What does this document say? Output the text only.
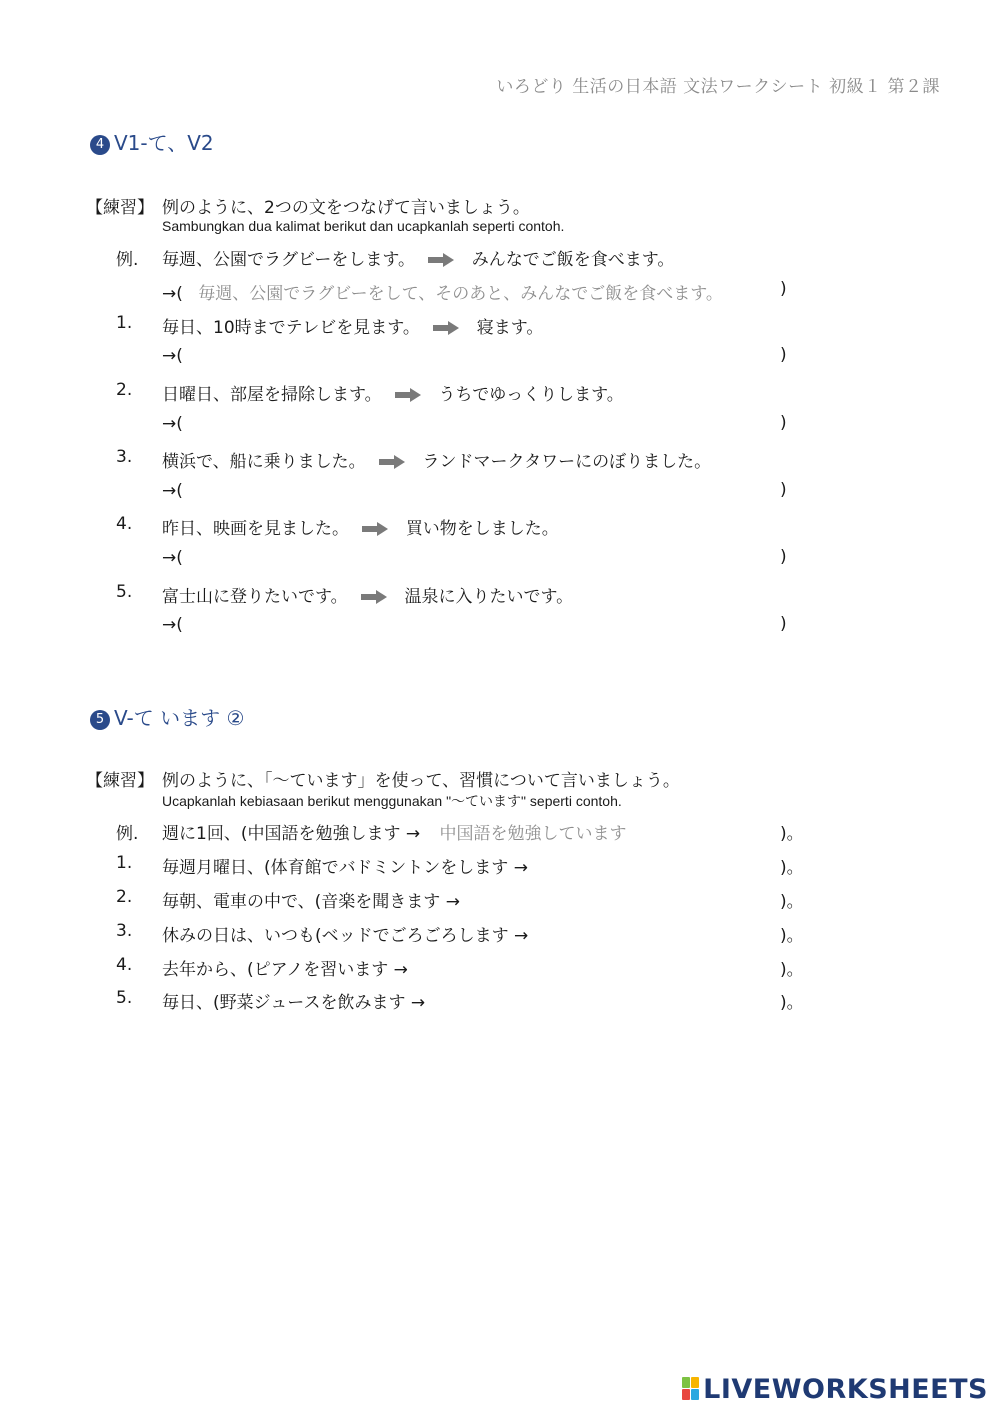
いろどり 生活の日本語 文法ワークシート 初級１ 第２課
4 V1-て、V2
【練習】 例のように、2つの文をつなげて言いましょう。
Sambungkan dua kalimat berikut dan ucapkanlah seperti contoh.
例. 毎週、公園でラグビーをします。	みんなでご飯を食べます。
→( 毎週、公園でラグビーをして、そのあと、みんなでご飯を食べます。	)
1. 毎日、10時までテレビを見ます。	寝ます。
→(	)
2. 日曜日、部屋を掃除します。	うちでゆっくりします。
→(	)
3. 横浜で、船に乗りました。	ランドマークタワーにのぼりました。
→(	)
4. 昨日、映画を見ました。	買い物をしました。
→(	)
5. 富士山に登りたいです。	温泉に入りたいです。
→(	)
5 V-て います ②
【練習】 例のように、「～ています」を使って、習慣について言いましょう。
Ucapkanlah kebiasaan berikut menggunakan "～ています" seperti contoh.
例. 週に1回、(中国語を勉強します → 中国語を勉強しています	)。
1. 毎週月曜日、(体育館でバドミントンをします →	)。
2. 毎朝、電車の中で、(音楽を聞きます →	)。
3. 休みの日は、いつも(ベッドでごろごろします →	)。
4. 去年から、(ピアノを習います →	)。
5. 毎日、(野菜ジュースを飲みます →	)。
LIVEWORKSHEETS
